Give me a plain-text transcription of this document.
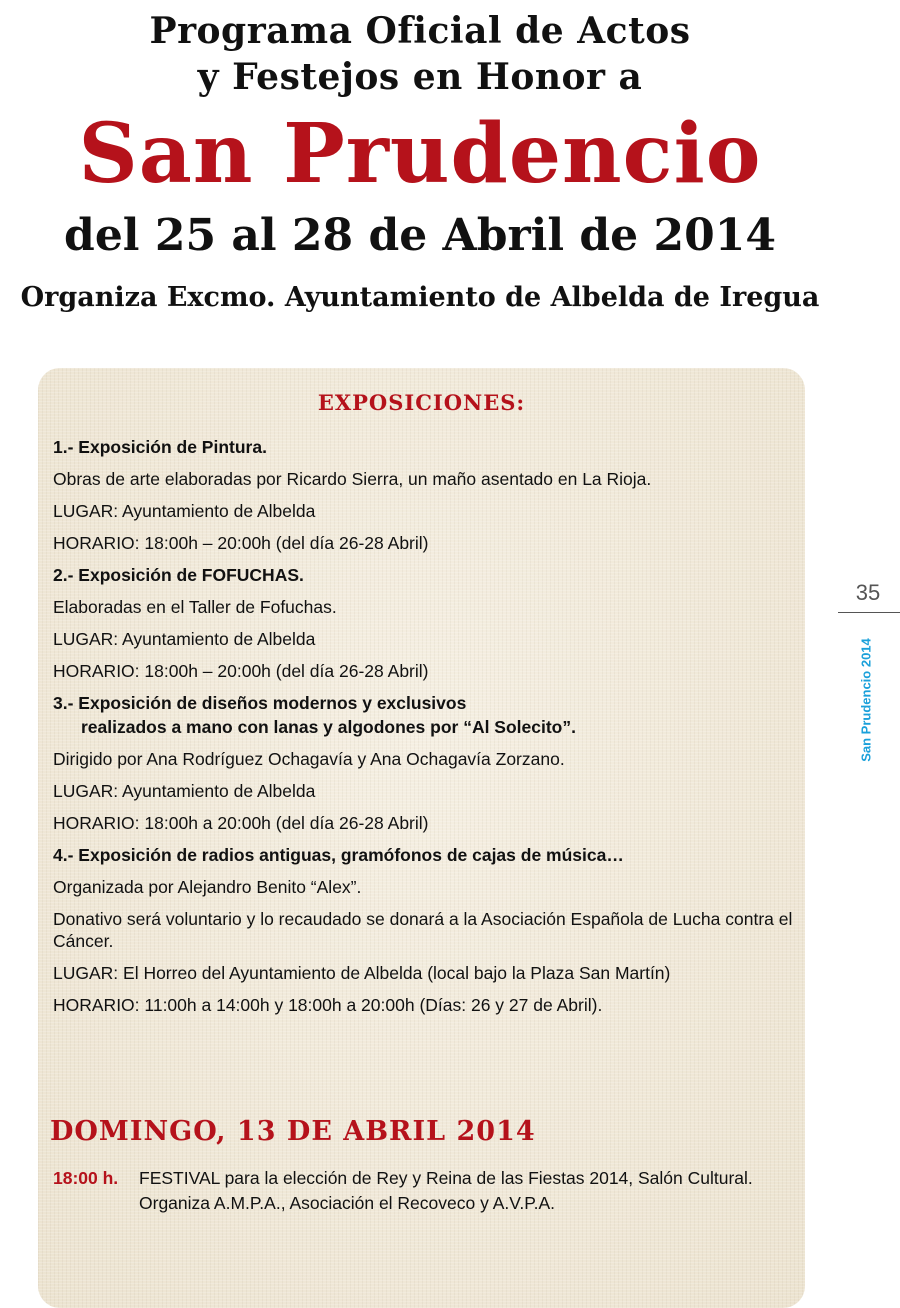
Programa Oficial de Actos
y Festejos en Honor a
San Prudencio
del 25 al 28 de Abril de 2014
Organiza Excmo. Ayuntamiento de Albelda de Iregua
EXPOSICIONES:
1.- Exposición de Pintura.
Obras de arte elaboradas por Ricardo Sierra, un maño asentado en La Rioja.
LUGAR: Ayuntamiento de Albelda
HORARIO: 18:00h – 20:00h (del día 26-28 Abril)
2.- Exposición de FOFUCHAS.
Elaboradas en el Taller de Fofuchas.
LUGAR: Ayuntamiento de Albelda
HORARIO: 18:00h – 20:00h (del día 26-28 Abril)
3.- Exposición de diseños modernos y exclusivos
realizados a mano con lanas y algodones por “Al Solecito”.
Dirigido por Ana Rodríguez Ochagavía y Ana Ochagavía Zorzano.
LUGAR: Ayuntamiento de Albelda
HORARIO: 18:00h a 20:00h (del día 26-28 Abril)
4.- Exposición de radios antiguas, gramófonos de cajas de música…
Organizada por Alejandro Benito “Alex”.
Donativo será voluntario y lo recaudado se donará a la Asociación Española de Lucha contra el Cáncer.
LUGAR: El Horreo del Ayuntamiento de Albelda (local bajo la Plaza San Martín)
HORARIO: 11:00h a 14:00h y 18:00h a 20:00h (Días: 26 y 27 de Abril).
DOMINGO, 13 DE ABRIL 2014
18:00 h. FESTIVAL para la elección de Rey y Reina de las Fiestas 2014, Salón Cultural.
Organiza A.M.P.A., Asociación el Recoveco y A.V.P.A.
35
San Prudencio 2014
